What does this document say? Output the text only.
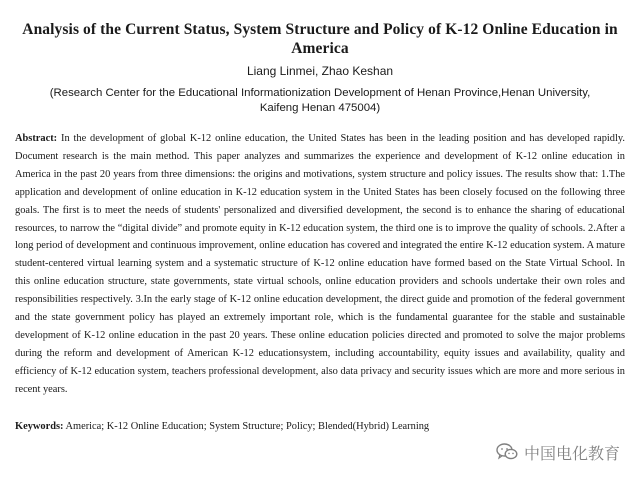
Analysis of the Current Status, System Structure and Policy of K-12 Online Education in America
Liang Linmei, Zhao Keshan
(Research Center for the Educational Informationization Development of Henan Province,Henan University, Kaifeng Henan 475004)

Abstract: In the development of global K-12 online education, the United States has been in the leading position and has developed rapidly. Document research is the main method. This paper analyzes and summarizes the experience and development of K-12 online education in America in the past 20 years from three dimensions: the origins and motivations, system structure and policy issues. The results show that: 1.The application and development of online education in K-12 education system in the United States has been closely focused on the following three goals. The first is to meet the needs of students' personalized and diversified development, the second is to enhance the sharing of educational resources, to narrow the “digital divide” and promote equity in K-12 education system, the third one is to improve the quality of schools. 2.After a long period of development and continuous improvement, online education has covered and integrated the entire K-12 education system. A mature student-centered virtual learning system and a systematic structure of K-12 online education have formed based on the State Virtual School. In this online education structure, state governments, state virtual schools, online education providers and schools undertake their own roles and responsibilities respectively. 3.In the early stage of K-12 online education development, the direct guide and promotion of the federal government and the state government policy has played an extremely important role, which is the fundamental guarantee for the stable and sustainable development of K-12 online education in the past 20 years. These online education policies directed and promoted to solve the major problems during the reform and development of American K-12 educationsystem, including accountability, equity issues and availability, quality and efficiency of K-12 education system, teachers professional development, also data privacy and security issues which are more and more serious in recent years.

Keywords: America; K-12 Online Education; System Structure; Policy; Blended(Hybrid) Learning

中国电化教育
